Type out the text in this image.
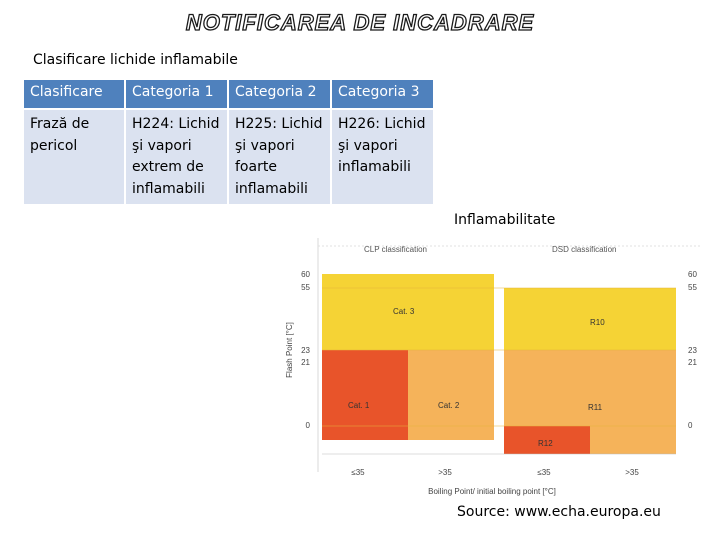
NOTIFICAREA DE INCADRARE
Clasificare lichide inflamabile
Clasificare	Categoria 1	Categoria 2	Categoria 3
Frază de pericol	H224: Lichid şi vapori extrem de inflamabili	H225: Lichid şi vapori foarte inflamabili	H226: Lichid şi vapori inflamabili
Inflamabilitate
CLP classification	DSD classification
Cat. 3
Cat. 1	Cat. 2
R10
R11
R12
60
55
23
21
0
60
55
23
21
0
Flash Point [°C]
≤35	>35	≤35	>35
Boiling Point/ initial boiling point [°C]
Source: www.echa.europa.eu
